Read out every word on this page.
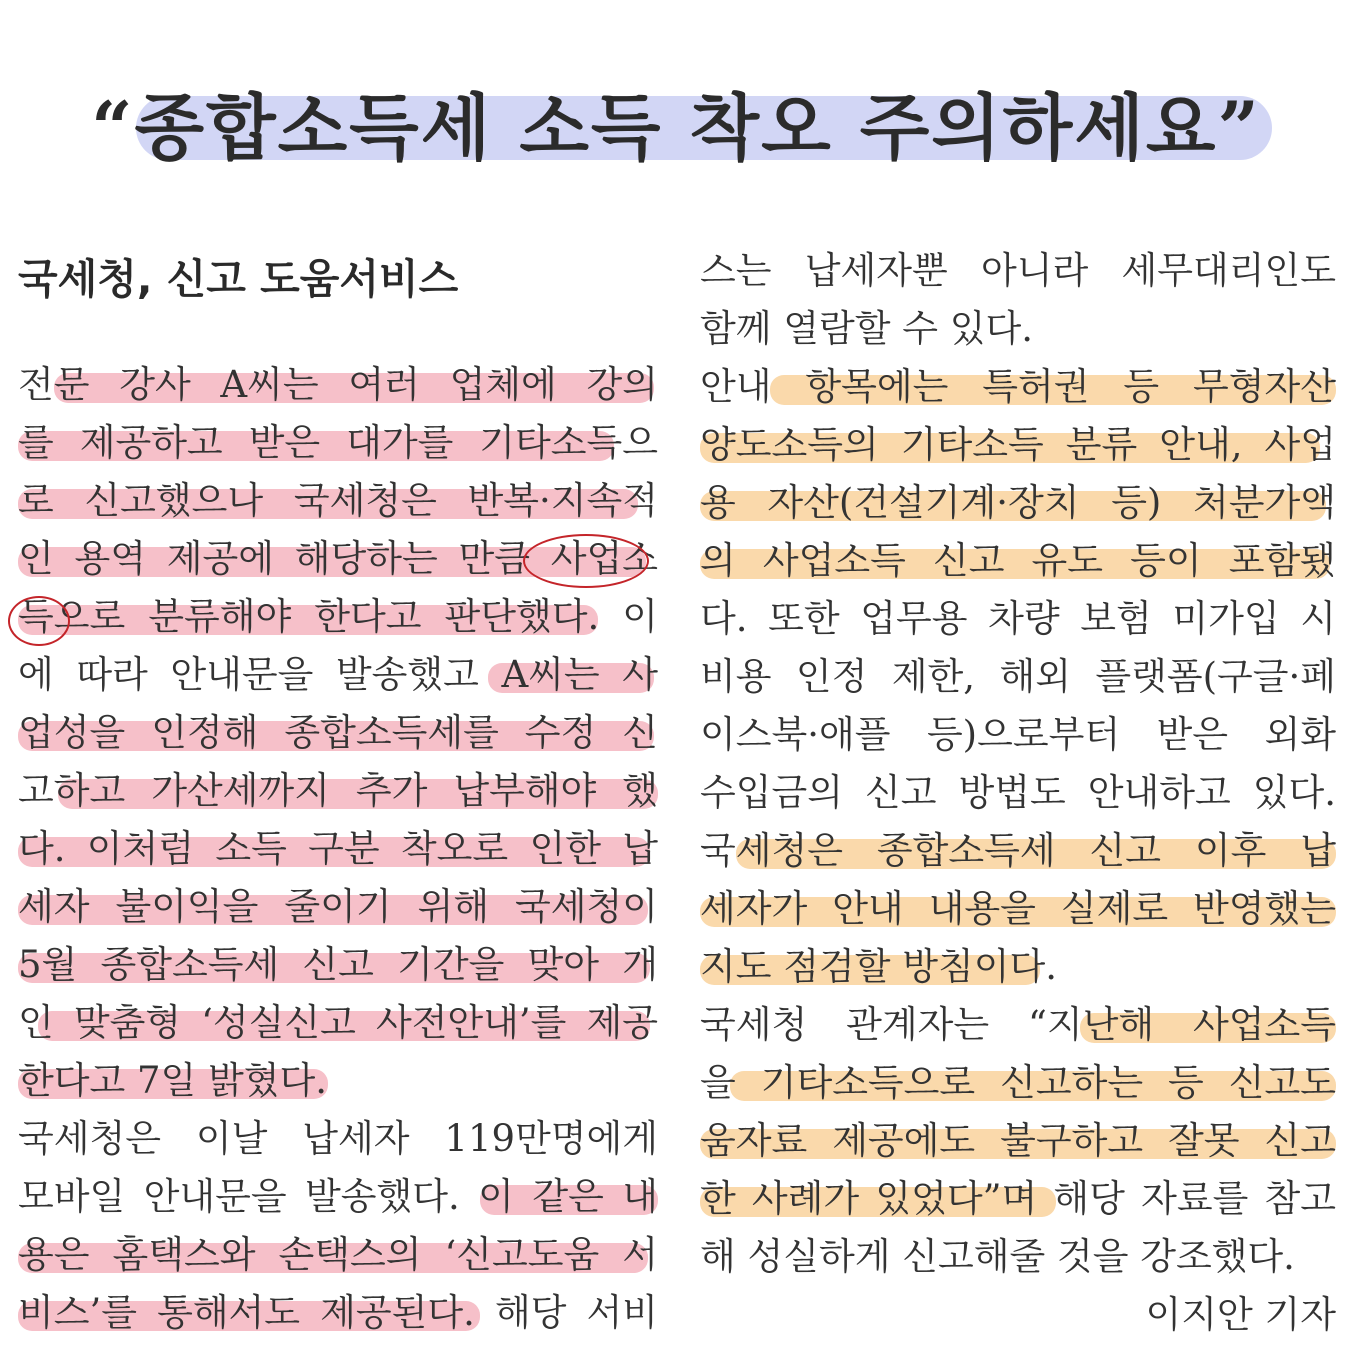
“종합소득세 소득 착오 주의하세요”
국세청, 신고 도움서비스
전문 강사 A씨는 여러 업체에 강의
를 제공하고 받은 대가를 기타소득으
로 신고했으나 국세청은 반복·지속적
인 용역 제공에 해당하는 만큼 사업소
득으로 분류해야 한다고 판단했다. 이
에 따라 안내문을 발송했고 A씨는 사
업성을 인정해 종합소득세를 수정 신
고하고 가산세까지 추가 납부해야 했
다. 이처럼 소득 구분 착오로 인한 납
세자 불이익을 줄이기 위해 국세청이
5월 종합소득세 신고 기간을 맞아 개
인 맞춤형 ‘성실신고 사전안내’를 제공
한다고 7일 밝혔다.
국세청은 이날 납세자 119만명에게
모바일 안내문을 발송했다. 이 같은 내
용은 홈택스와 손택스의 ‘신고도움 서
비스’를 통해서도 제공된다. 해당 서비
스는 납세자뿐 아니라 세무대리인도
함께 열람할 수 있다.
안내 항목에는 특허권 등 무형자산
양도소득의 기타소득 분류 안내, 사업
용 자산(건설기계·장치 등) 처분가액
의 사업소득 신고 유도 등이 포함됐
다. 또한 업무용 차량 보험 미가입 시
비용 인정 제한, 해외 플랫폼(구글·페
이스북·애플 등)으로부터 받은 외화
수입금의 신고 방법도 안내하고 있다.
국세청은 종합소득세 신고 이후 납
세자가 안내 내용을 실제로 반영했는
지도 점검할 방침이다.
국세청 관계자는 “지난해 사업소득
을 기타소득으로 신고하는 등 신고도
움자료 제공에도 불구하고 잘못 신고
한 사례가 있었다”며 해당 자료를 참고
해 성실하게 신고해줄 것을 강조했다.
이지안 기자
